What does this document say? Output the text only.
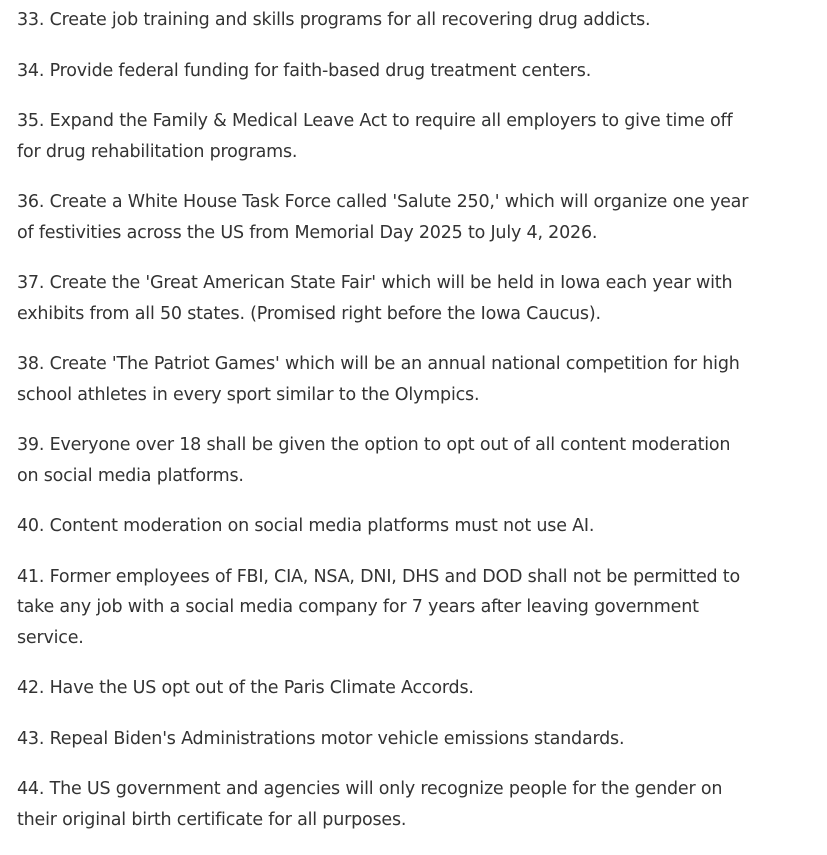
33. Create job training and skills programs for all recovering drug addicts.

34. Provide federal funding for faith-based drug treatment centers.

35. Expand the Family & Medical Leave Act to require all employers to give time off for drug rehabilitation programs.

36. Create a White House Task Force called 'Salute 250,' which will organize one year of festivities across the US from Memorial Day 2025 to July 4, 2026.

37. Create the 'Great American State Fair' which will be held in Iowa each year with exhibits from all 50 states. (Promised right before the Iowa Caucus).

38. Create 'The Patriot Games' which will be an annual national competition for high school athletes in every sport similar to the Olympics.

39. Everyone over 18 shall be given the option to opt out of all content moderation on social media platforms.

40. Content moderation on social media platforms must not use AI.

41. Former employees of FBI, CIA, NSA, DNI, DHS and DOD shall not be permitted to take any job with a social media company for 7 years after leaving government service.

42. Have the US opt out of the Paris Climate Accords.

43. Repeal Biden's Administrations motor vehicle emissions standards.

44. The US government and agencies will only recognize people for the gender on their original birth certificate for all purposes.
